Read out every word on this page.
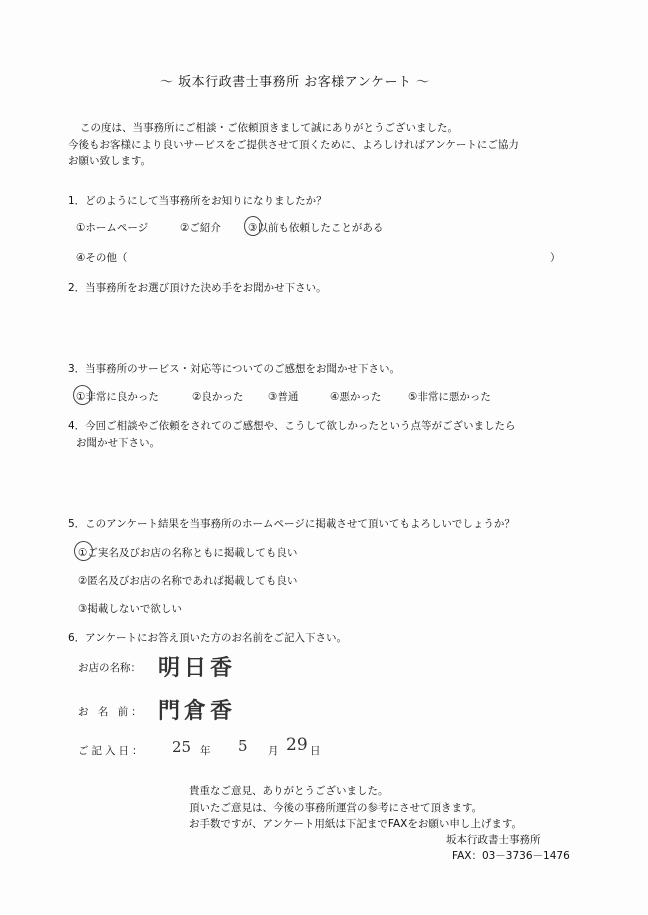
～ 坂本行政書士事務所 お客様アンケート ～
この度は、当事務所にご相談・ご依頼頂きまして誠にありがとうございました。
今後もお客様により良いサービスをご提供させて頂くために、よろしければアンケートにご協力
お願い致します。
1．どのようにして当事務所をお知りになりましたか？
①ホームページ	②ご紹介	③以前も依頼したことがある
④その他（	）
2．当事務所をお選び頂けた決め手をお聞かせ下さい。
3．当事務所のサービス・対応等についてのご感想をお聞かせ下さい。
①非常に良かった	②良かった ③普通	④悪かった	⑤非常に悪かった
4．今回ご相談やご依頼をされてのご感想や、こうして欲しかったという点等がございましたら
お聞かせ下さい。
5．このアンケート結果を当事務所のホームページに掲載させて頂いてもよろしいでしょうか？
①ご実名及びお店の名称ともに掲載しても良い
②匿名及びお店の名称であれば掲載しても良い
③掲載しないで欲しい
6．アンケートにお答え頂いた方のお名前をご記入下さい。
お店の名称： 明日香
お 名 前： 門倉香
ご記入日： 25 年 5 月 29 日
貴重なご意見、ありがとうございました。
頂いたご意見は、今後の事務所運営の参考にさせて頂きます。
お手数ですが、アンケート用紙は下記までFAXをお願い申し上げます。
坂本行政書士事務所
FAX：03－3736－1476
